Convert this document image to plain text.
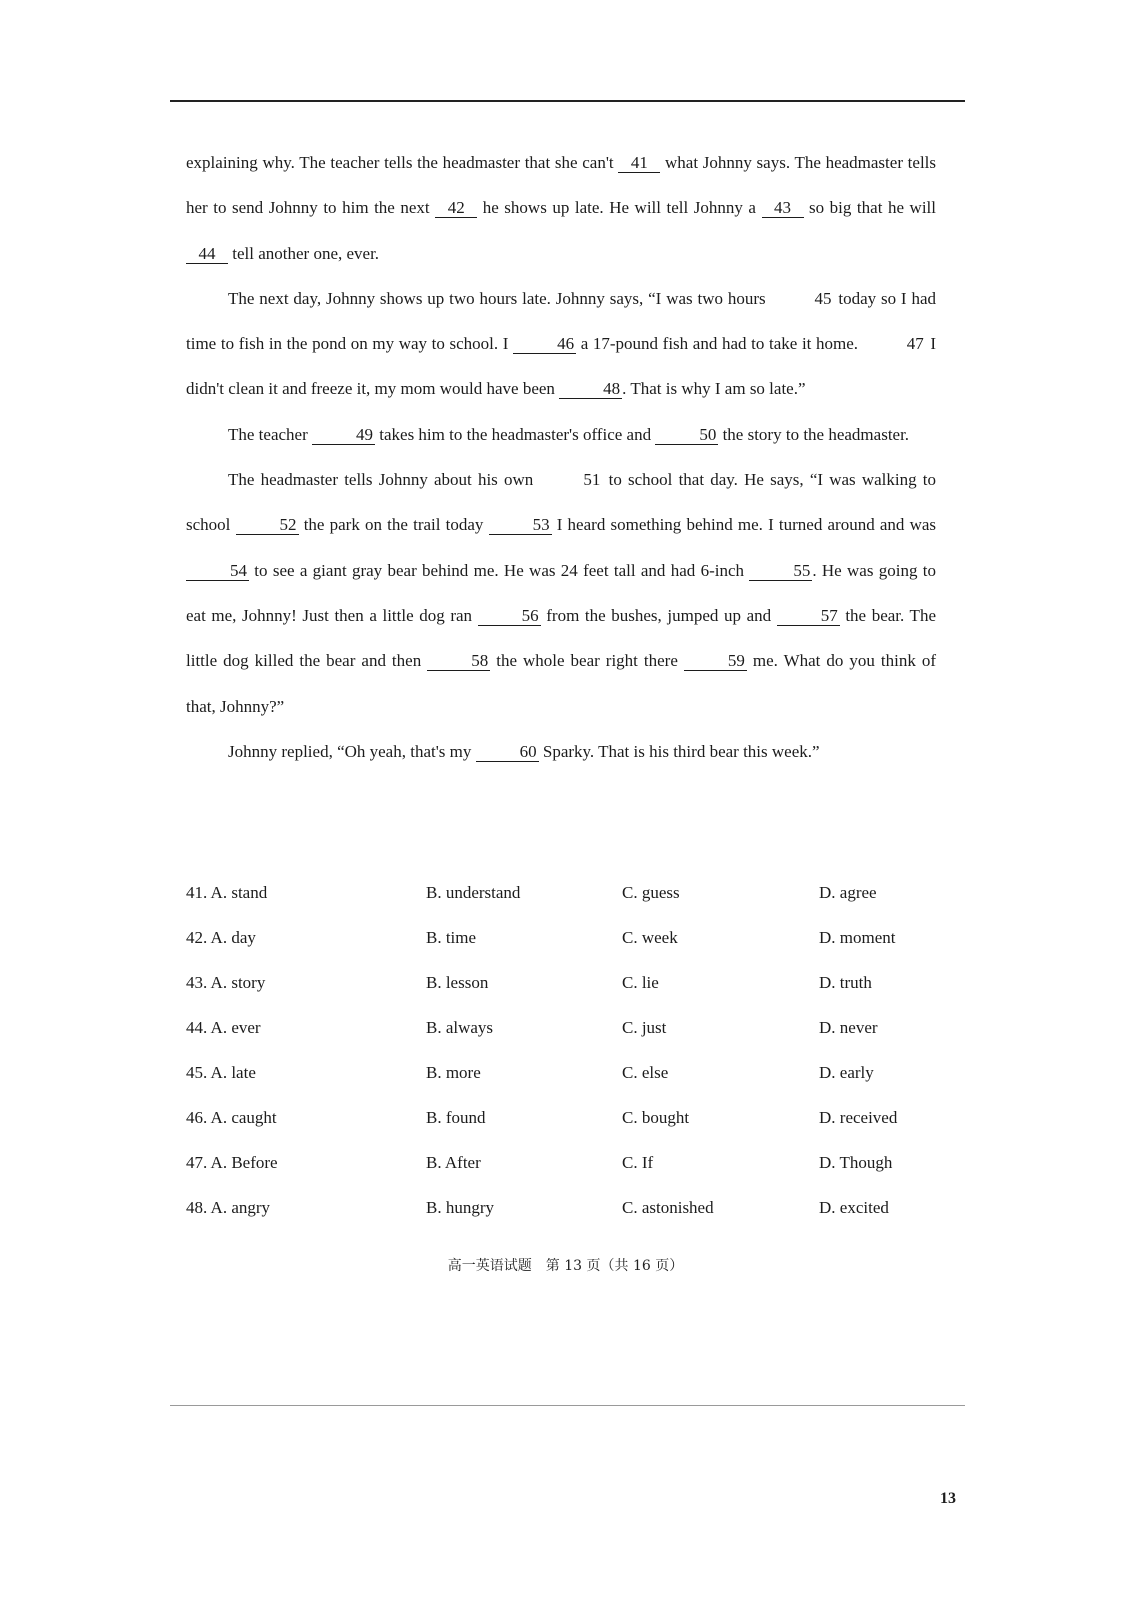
explaining why. The teacher tells the headmaster that she can't 41 what Johnny says. The headmaster tells her to send Johnny to him the next 42 he shows up late. He will tell Johnny a 43 so big that he will 44 tell another one, ever.

The next day, Johnny shows up two hours late. Johnny says, “I was two hours	45 today so I had time to fish in the pond on my way to school. I	46 a 17-pound fish and had to take it home.	47 I didn't clean it and freeze it, my mom would have been	48 . That is why I am so late.”

The teacher	49 takes him to the headmaster's office and	50 the story to the headmaster.

The headmaster tells Johnny about his own	51 to school that day. He says, “I was walking to school	52 the park on the trail today	53 I heard something behind me. I turned around and was 54 to see a giant gray bear behind me. He was 24 feet tall and had 6-inch	55 . He was going to eat me, Johnny! Just then a little dog ran	56 from the bushes, jumped up and	57 the bear. The little dog killed the bear and then	58 the whole bear right there	59 me. What do you think of that, Johnny?”

Johnny replied, “Oh yeah, that's my	60 Sparky. That is his third bear this week.”

41. A. stand	B. understand	C. guess	D. agree
42. A. day	B. time	C. week	D. moment
43. A. story	B. lesson	C. lie	D. truth
44. A. ever	B. always	C. just	D. never
45. A. late	B. more	C. else	D. early
46. A. caught	B. found	C. bought	D. received
47. A. Before	B. After	C. If	D. Though
48. A. angry	B. hungry	C. astonished	D. excited
高一英语试题　第 13 页（共 16 页）
13
